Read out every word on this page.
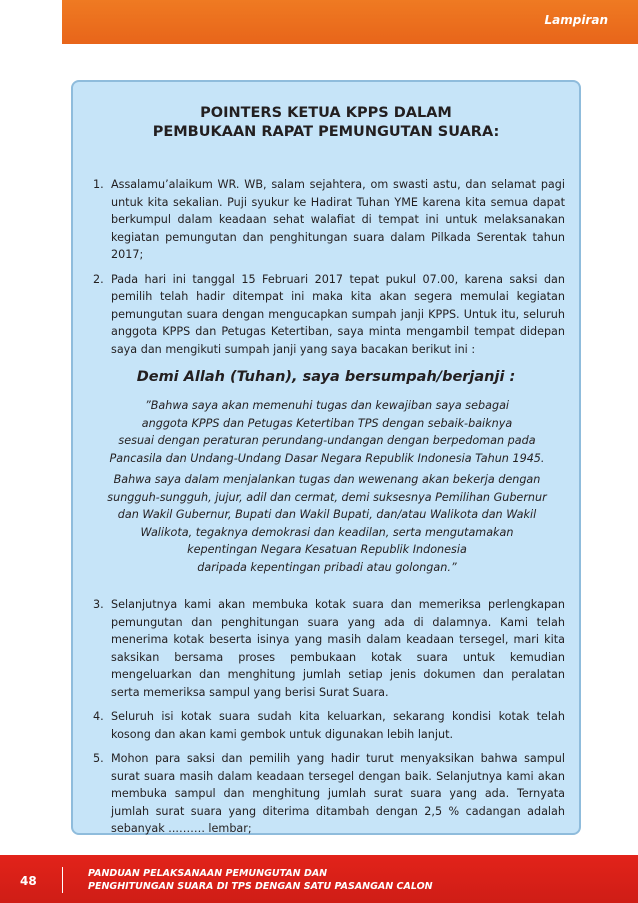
Lampiran
POINTERS KETUA KPPS DALAM
PEMBUKAAN RAPAT PEMUNGUTAN SUARA:
1. Assalamu’alaikum WR. WB, salam sejahtera, om swasti astu, dan selamat pagi untuk kita sekalian. Puji syukur ke Hadirat Tuhan YME karena kita semua dapat berkumpul dalam keadaan sehat walafiat di tempat ini untuk melaksanakan kegiatan pemungutan dan penghitungan suara dalam Pilkada Serentak tahun 2017;
2. Pada hari ini tanggal 15 Februari 2017 tepat pukul 07.00, karena saksi dan pemilih telah hadir ditempat ini maka kita akan segera memulai kegiatan pemungutan suara dengan mengucapkan sumpah janji KPPS. Untuk itu, seluruh anggota KPPS dan Petugas Ketertiban, saya minta mengambil tempat didepan saya dan mengikuti sumpah janji yang saya bacakan berikut ini :
Demi Allah (Tuhan), saya bersumpah/berjanji :
”Bahwa saya akan memenuhi tugas dan kewajiban saya sebagai
anggota KPPS dan Petugas Ketertiban TPS dengan sebaik-baiknya
sesuai dengan peraturan perundang-undangan dengan berpedoman pada
Pancasila dan Undang-Undang Dasar Negara Republik Indonesia Tahun 1945.
Bahwa saya dalam menjalankan tugas dan wewenang akan bekerja dengan
sungguh-sungguh, jujur, adil dan cermat, demi suksesnya Pemilihan Gubernur
dan Wakil Gubernur, Bupati dan Wakil Bupati, dan/atau Walikota dan Wakil
Walikota, tegaknya demokrasi dan keadilan, serta mengutamakan
kepentingan Negara Kesatuan Republik Indonesia
daripada kepentingan pribadi atau golongan.”
3. Selanjutnya kami akan membuka kotak suara dan memeriksa perlengkapan pemungutan dan penghitungan suara yang ada di dalamnya. Kami telah menerima kotak beserta isinya yang masih dalam keadaan tersegel, mari kita saksikan bersama proses pembukaan kotak suara untuk kemudian mengeluarkan dan menghitung jumlah setiap jenis dokumen dan peralatan serta memeriksa sampul yang berisi Surat Suara.
4. Seluruh isi kotak suara sudah kita keluarkan, sekarang kondisi kotak telah kosong dan akan kami gembok untuk digunakan lebih lanjut.
5. Mohon para saksi dan pemilih yang hadir turut menyaksikan bahwa sampul surat suara masih dalam keadaan tersegel dengan baik. Selanjutnya kami akan membuka sampul dan menghitung jumlah surat suara yang ada. Ternyata jumlah surat suara yang diterima ditambah dengan 2,5 % cadangan adalah sebanyak ...……. lembar;
48
PANDUAN PELAKSANAAN PEMUNGUTAN DAN
PENGHITUNGAN SUARA DI TPS DENGAN SATU PASANGAN CALON
